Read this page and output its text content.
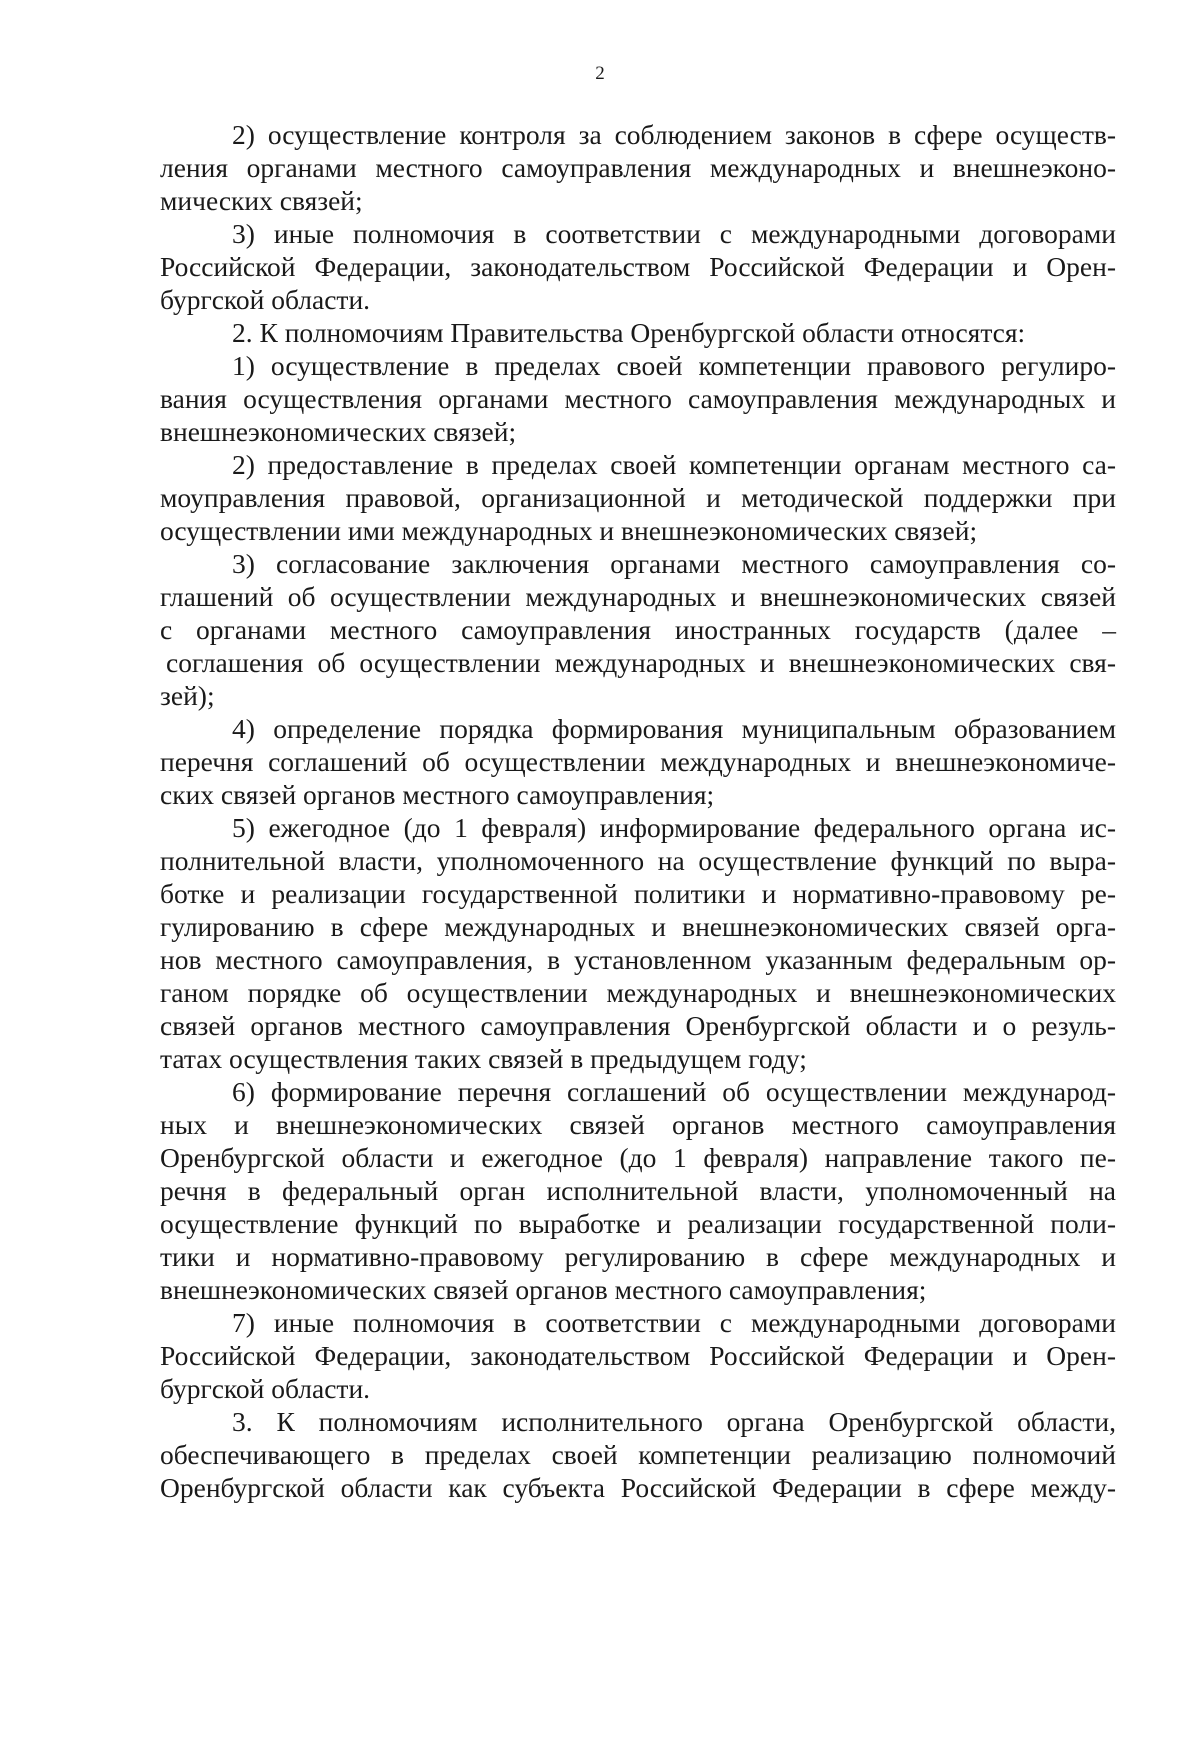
2
2) осуществление контроля за соблюдением законов в сфере осуществ-
ления органами местного самоуправления международных и внешнеэконо-
мических связей;
3) иные полномочия в соответствии с международными договорами
Российской Федерации, законодательством Российской Федерации и Орен-
бургской области.
2. К полномочиям Правительства Оренбургской области относятся:
1) осуществление в пределах своей компетенции правового регулиро-
вания осуществления органами местного самоуправления международных и
внешнеэкономических связей;
2) предоставление в пределах своей компетенции органам местного са-
моуправления правовой, организационной и методической поддержки при
осуществлении ими международных и внешнеэкономических связей;
3) согласование заключения органами местного самоуправления со-
глашений об осуществлении международных и внешнеэкономических связей
с органами местного самоуправления иностранных государств (далее –
соглашения об осуществлении международных и внешнеэкономических свя-
зей);
4) определение порядка формирования муниципальным образованием
перечня соглашений об осуществлении международных и внешнеэкономиче-
ских связей органов местного самоуправления;
5) ежегодное (до 1 февраля) информирование федерального органа ис-
полнительной власти, уполномоченного на осуществление функций по выра-
ботке и реализации государственной политики и нормативно-правовому ре-
гулированию в сфере международных и внешнеэкономических связей орга-
нов местного самоуправления, в установленном указанным федеральным ор-
ганом порядке об осуществлении международных и внешнеэкономических
связей органов местного самоуправления Оренбургской области и о резуль-
татах осуществления таких связей в предыдущем году;
6) формирование перечня соглашений об осуществлении международ-
ных и внешнеэкономических связей органов местного самоуправления
Оренбургской области и ежегодное (до 1 февраля) направление такого пе-
речня в федеральный орган исполнительной власти, уполномоченный на
осуществление функций по выработке и реализации государственной поли-
тики и нормативно-правовому регулированию в сфере международных и
внешнеэкономических связей органов местного самоуправления;
7) иные полномочия в соответствии с международными договорами
Российской Федерации, законодательством Российской Федерации и Орен-
бургской области.
3. К полномочиям исполнительного органа Оренбургской области,
обеспечивающего в пределах своей компетенции реализацию полномочий
Оренбургской области как субъекта Российской Федерации в сфере между-
